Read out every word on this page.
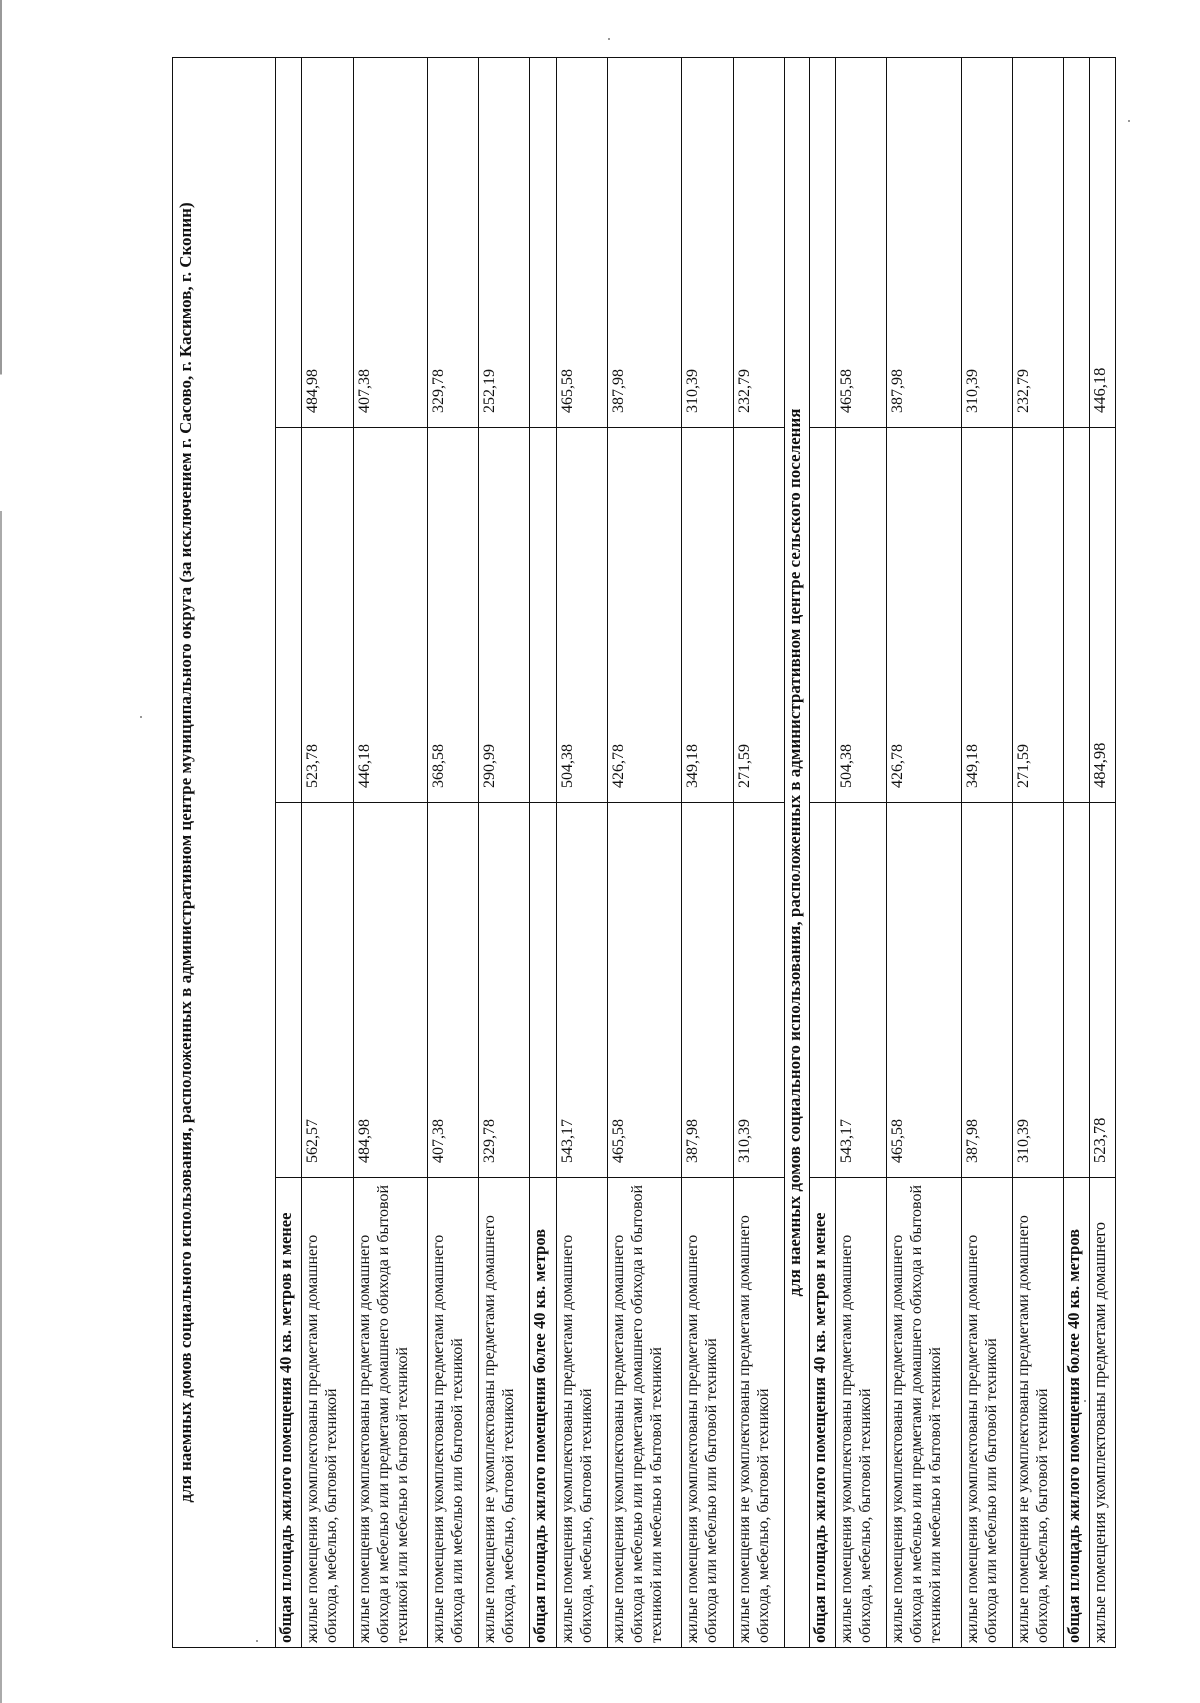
для наемных домов социального использования, расположенных в административном центре муниципального округа (за исключением г. Сасово, г. Касимов, г. Скопин)			
общая площадь жилого помещения 40 кв. метров и менее			
жилые помещения укомплектованы предметами домашнего обихода, мебелью, бытовой техникой	562,57	523,78	484,98
жилые помещения укомплектованы предметами домашнего обихода и мебелью или предметами домашнего обихода и бытовой техникой или мебелью и бытовой техникой	484,98	446,18	407,38
жилые помещения укомплектованы предметами домашнего обихода или мебелью или бытовой техникой	407,38	368,58	329,78
жилые помещения не укомплектованы предметами домашнего обихода, мебелью, бытовой техникой	329,78	290,99	252,19
общая площадь жилого помещения более 40 кв. метров			
жилые помещения укомплектованы предметами домашнего обихода, мебелью, бытовой техникой	543,17	504,38	465,58
жилые помещения укомплектованы предметами домашнего обихода и мебелью или предметами домашнего обихода и бытовой техникой или мебелью и бытовой техникой	465,58	426,78	387,98
жилые помещения укомплектованы предметами домашнего обихода или мебелью или бытовой техникой	387,98	349,18	310,39
жилые помещения не укомплектованы предметами домашнего обихода, мебелью, бытовой техникой	310,39	271,59	232,79
для наемных домов социального использования, расположенных в административном центре сельского поселения			
общая площадь жилого помещения 40 кв. метров и менее			
жилые помещения укомплектованы предметами домашнего обихода, мебелью, бытовой техникой	543,17	504,38	465,58
жилые помещения укомплектованы предметами домашнего обихода и мебелью или предметами домашнего обихода и бытовой техникой или мебелью и бытовой техникой	465,58	426,78	387,98
жилые помещения укомплектованы предметами домашнего обихода или мебелью или бытовой техникой	387,98	349,18	310,39
жилые помещения не укомплектованы предметами домашнего обихода, мебелью, бытовой техникой	310,39	271,59	232,79
общая площадь жилого помещения более 40 кв. метров			
жилые помещения укомплектованы предметами домашнего	523,78	484,98	446,18
